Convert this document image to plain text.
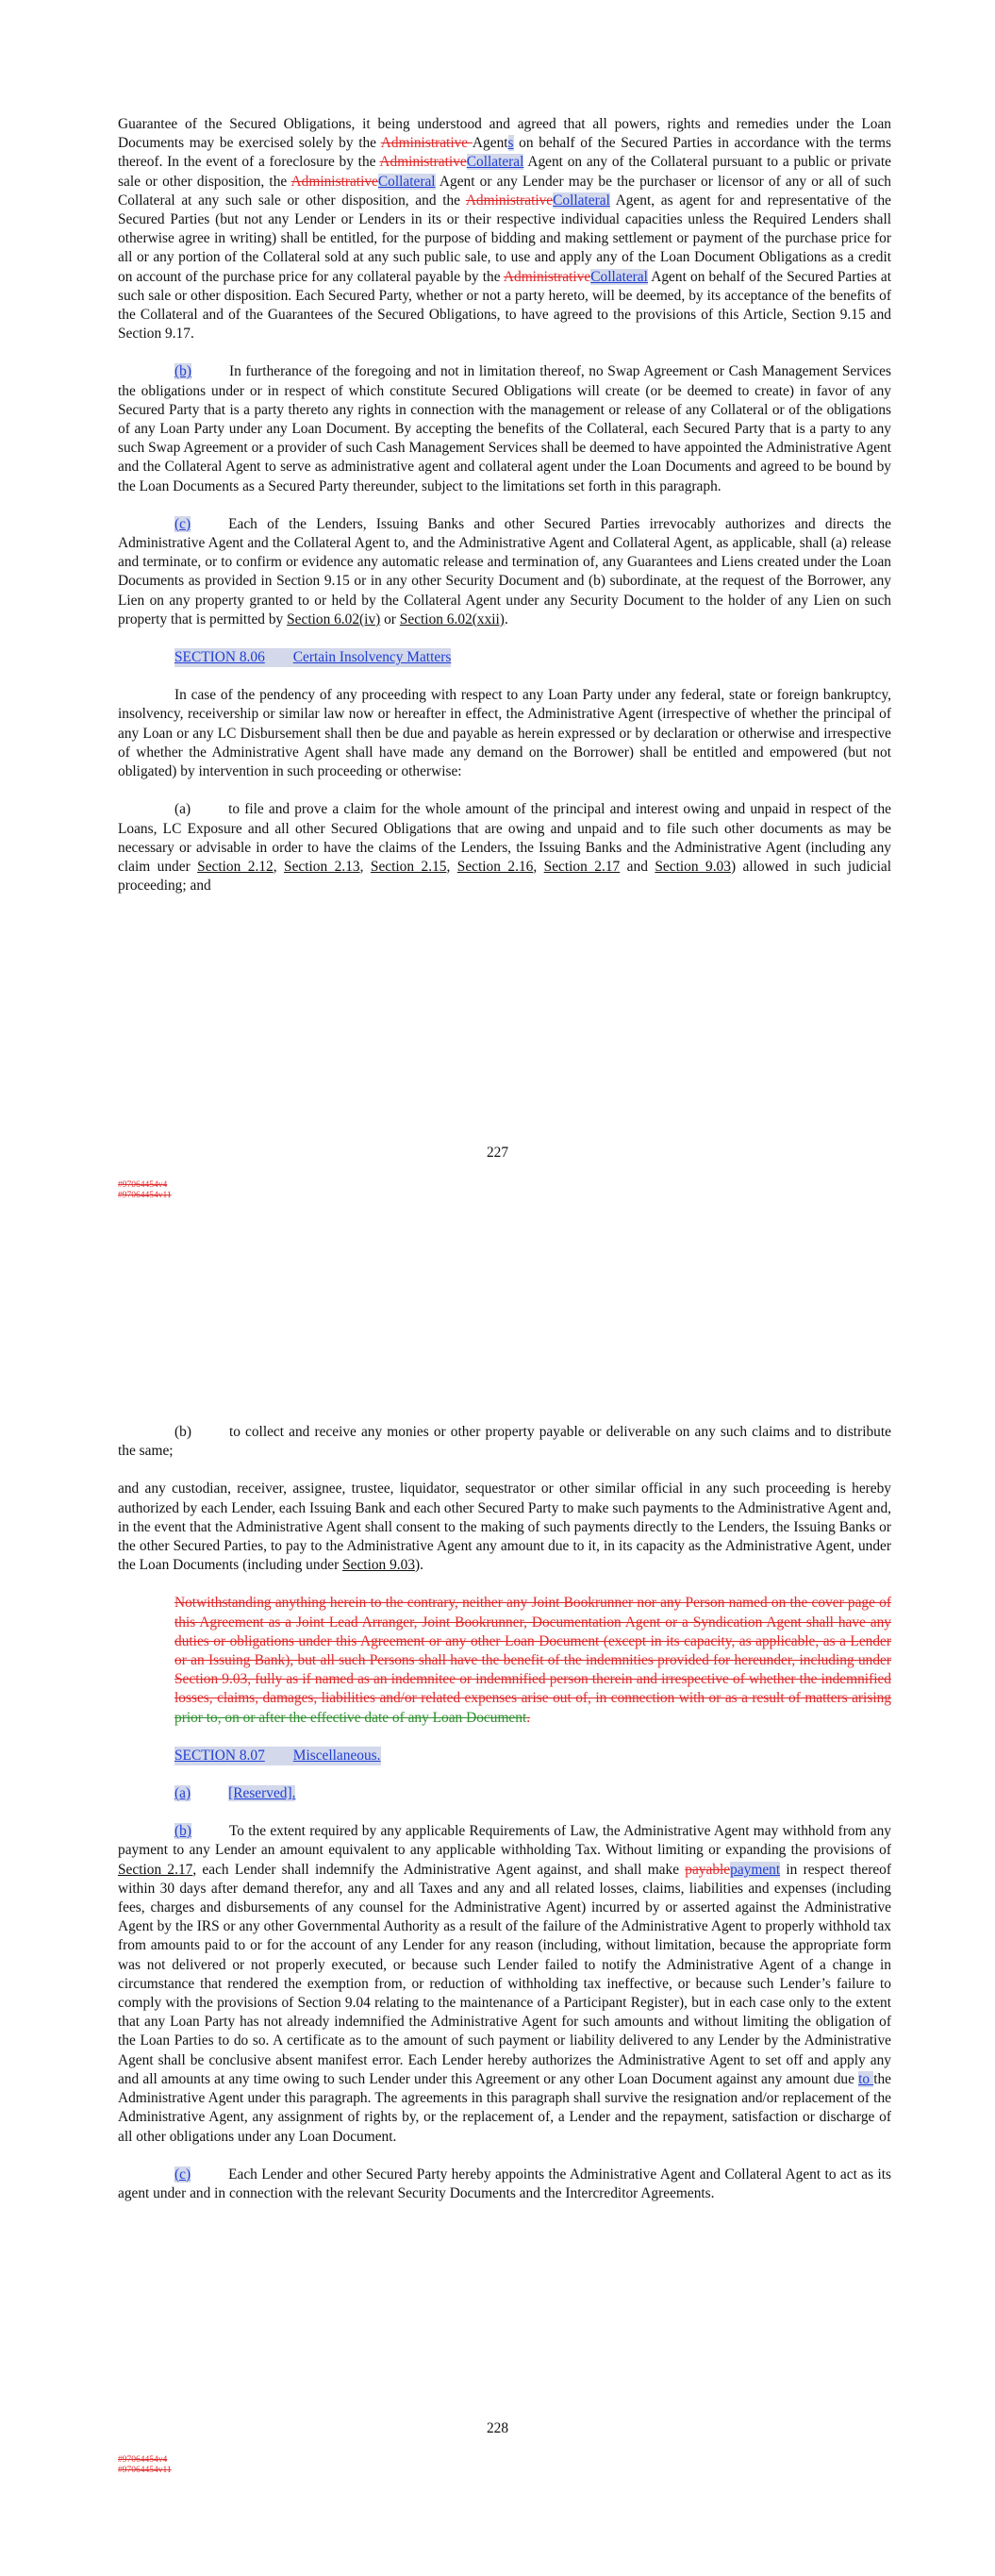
Guarantee of the Secured Obligations, it being understood and agreed that all powers, rights and remedies under the Loan Documents may be exercised solely by the Administrative Agents on behalf of the Secured Parties in accordance with the terms thereof. In the event of a foreclosure by the AdministrativeCollateral Agent on any of the Collateral pursuant to a public or private sale or other disposition, the AdministrativeCollateral Agent or any Lender may be the purchaser or licensor of any or all of such Collateral at any such sale or other disposition, and the AdministrativeCollateral Agent, as agent for and representative of the Secured Parties (but not any Lender or Lenders in its or their respective individual capacities unless the Required Lenders shall otherwise agree in writing) shall be entitled, for the purpose of bidding and making settlement or payment of the purchase price for all or any portion of the Collateral sold at any such public sale, to use and apply any of the Loan Document Obligations as a credit on account of the purchase price for any collateral payable by the AdministrativeCollateral Agent on behalf of the Secured Parties at such sale or other disposition. Each Secured Party, whether or not a party hereto, will be deemed, by its acceptance of the benefits of the Collateral and of the Guarantees of the Secured Obligations, to have agreed to the provisions of this Article, Section 9.15 and Section 9.17.

(b)	In furtherance of the foregoing and not in limitation thereof, no Swap Agreement or Cash Management Services the obligations under or in respect of which constitute Secured Obligations will create (or be deemed to create) in favor of any Secured Party that is a party thereto any rights in connection with the management or release of any Collateral or of the obligations of any Loan Party under any Loan Document. By accepting the benefits of the Collateral, each Secured Party that is a party to any such Swap Agreement or a provider of such Cash Management Services shall be deemed to have appointed the Administrative Agent and the Collateral Agent to serve as administrative agent and collateral agent under the Loan Documents and agreed to be bound by the Loan Documents as a Secured Party thereunder, subject to the limitations set forth in this paragraph.

(c)	Each of the Lenders, Issuing Banks and other Secured Parties irrevocably authorizes and directs the Administrative Agent and the Collateral Agent to, and the Administrative Agent and Collateral Agent, as applicable, shall (a) release and terminate, or to confirm or evidence any automatic release and termination of, any Guarantees and Liens created under the Loan Documents as provided in Section 9.15 or in any other Security Document and (b) subordinate, at the request of the Borrower, any Lien on any property granted to or held by the Collateral Agent under any Security Document to the holder of any Lien on such property that is permitted by Section 6.02(iv) or Section 6.02(xxii).

SECTION 8.06 Certain Insolvency Matters

In case of the pendency of any proceeding with respect to any Loan Party under any federal, state or foreign bankruptcy, insolvency, receivership or similar law now or hereafter in effect, the Administrative Agent (irrespective of whether the principal of any Loan or any LC Disbursement shall then be due and payable as herein expressed or by declaration or otherwise and irrespective of whether the Administrative Agent shall have made any demand on the Borrower) shall be entitled and empowered (but not obligated) by intervention in such proceeding or otherwise:

(a)	to file and prove a claim for the whole amount of the principal and interest owing and unpaid in respect of the Loans, LC Exposure and all other Secured Obligations that are owing and unpaid and to file such other documents as may be necessary or advisable in order to have the claims of the Lenders, the Issuing Banks and the Administrative Agent (including any claim under Section 2.12, Section 2.13, Section 2.15, Section 2.16, Section 2.17 and Section 9.03) allowed in such judicial proceeding; and

227
#97064454v4
#97064454v11

(b)	to collect and receive any monies or other property payable or deliverable on any such claims and to distribute the same;

and any custodian, receiver, assignee, trustee, liquidator, sequestrator or other similar official in any such proceeding is hereby authorized by each Lender, each Issuing Bank and each other Secured Party to make such payments to the Administrative Agent and, in the event that the Administrative Agent shall consent to the making of such payments directly to the Lenders, the Issuing Banks or the other Secured Parties, to pay to the Administrative Agent any amount due to it, in its capacity as the Administrative Agent, under the Loan Documents (including under Section 9.03).

Notwithstanding anything herein to the contrary, neither any Joint Bookrunner nor any Person named on the cover page of this Agreement as a Joint Lead Arranger, Joint Bookrunner, Documentation Agent or a Syndication Agent shall have any duties or obligations under this Agreement or any other Loan Document (except in its capacity, as applicable, as a Lender or an Issuing Bank), but all such Persons shall have the benefit of the indemnities provided for hereunder, including under Section 9.03, fully as if named as an indemnitee or indemnified person therein and irrespective of whether the indemnified losses, claims, damages, liabilities and/or related expenses arise out of, in connection with or as a result of matters arising prior to, on or after the effective date of any Loan Document.

SECTION 8.07 Miscellaneous.

(a)	[Reserved].

(b)	To the extent required by any applicable Requirements of Law, the Administrative Agent may withhold from any payment to any Lender an amount equivalent to any applicable withholding Tax. Without limiting or expanding the provisions of Section 2.17, each Lender shall indemnify the Administrative Agent against, and shall make payablepayment in respect thereof within 30 days after demand therefor, any and all Taxes and any and all related losses, claims, liabilities and expenses (including fees, charges and disbursements of any counsel for the Administrative Agent) incurred by or asserted against the Administrative Agent by the IRS or any other Governmental Authority as a result of the failure of the Administrative Agent to properly withhold tax from amounts paid to or for the account of any Lender for any reason (including, without limitation, because the appropriate form was not delivered or not properly executed, or because such Lender failed to notify the Administrative Agent of a change in circumstance that rendered the exemption from, or reduction of withholding tax ineffective, or because such Lender’s failure to comply with the provisions of Section 9.04 relating to the maintenance of a Participant Register), but in each case only to the extent that any Loan Party has not already indemnified the Administrative Agent for such amounts and without limiting the obligation of the Loan Parties to do so. A certificate as to the amount of such payment or liability delivered to any Lender by the Administrative Agent shall be conclusive absent manifest error. Each Lender hereby authorizes the Administrative Agent to set off and apply any and all amounts at any time owing to such Lender under this Agreement or any other Loan Document against any amount due to the Administrative Agent under this paragraph. The agreements in this paragraph shall survive the resignation and/or replacement of the Administrative Agent, any assignment of rights by, or the replacement of, a Lender and the repayment, satisfaction or discharge of all other obligations under any Loan Document.

(c)	Each Lender and other Secured Party hereby appoints the Administrative Agent and Collateral Agent to act as its agent under and in connection with the relevant Security Documents and the Intercreditor Agreements.

228
#97064454v4
#97064454v11
